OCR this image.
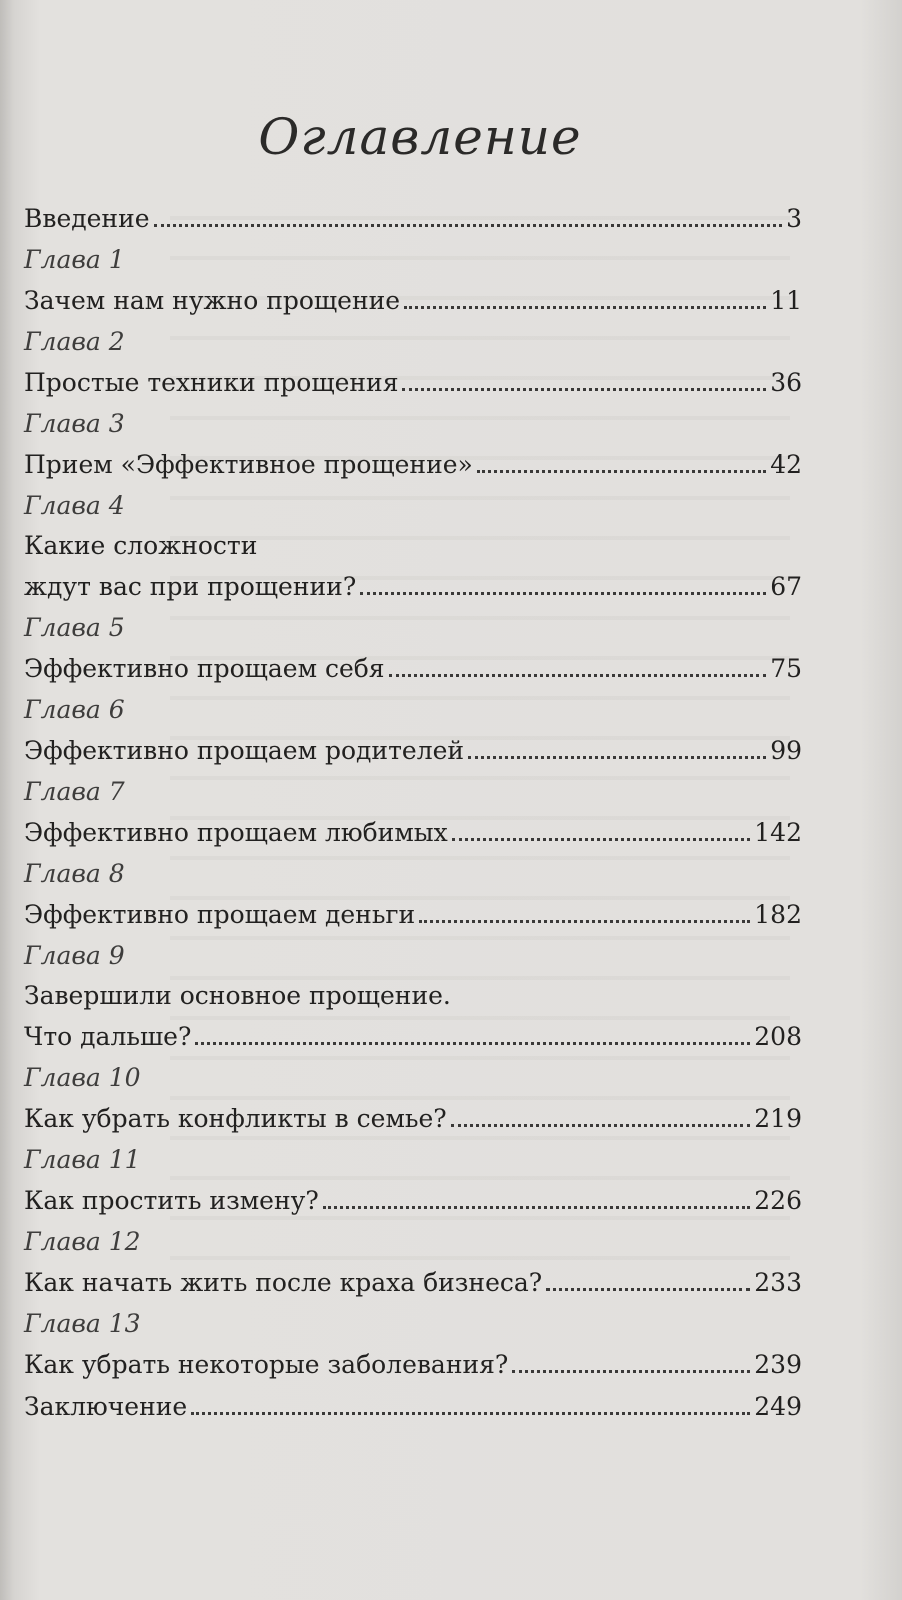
Оглавление
Введение	3
Глава 1
Зачем нам нужно прощение	11
Глава 2
Простые техники прощения	36
Глава 3
Прием «Эффективное прощение»	42
Глава 4
Какие сложности
ждут вас при прощении?	67
Глава 5
Эффективно прощаем себя	75
Глава 6
Эффективно прощаем родителей	99
Глава 7
Эффективно прощаем любимых	142
Глава 8
Эффективно прощаем деньги	182
Глава 9
Завершили основное прощение.
Что дальше?	208
Глава 10
Как убрать конфликты в семье?	219
Глава 11
Как простить измену?	226
Глава 12
Как начать жить после краха бизнеса?	233
Глава 13
Как убрать некоторые заболевания?	239
Заключение	249
